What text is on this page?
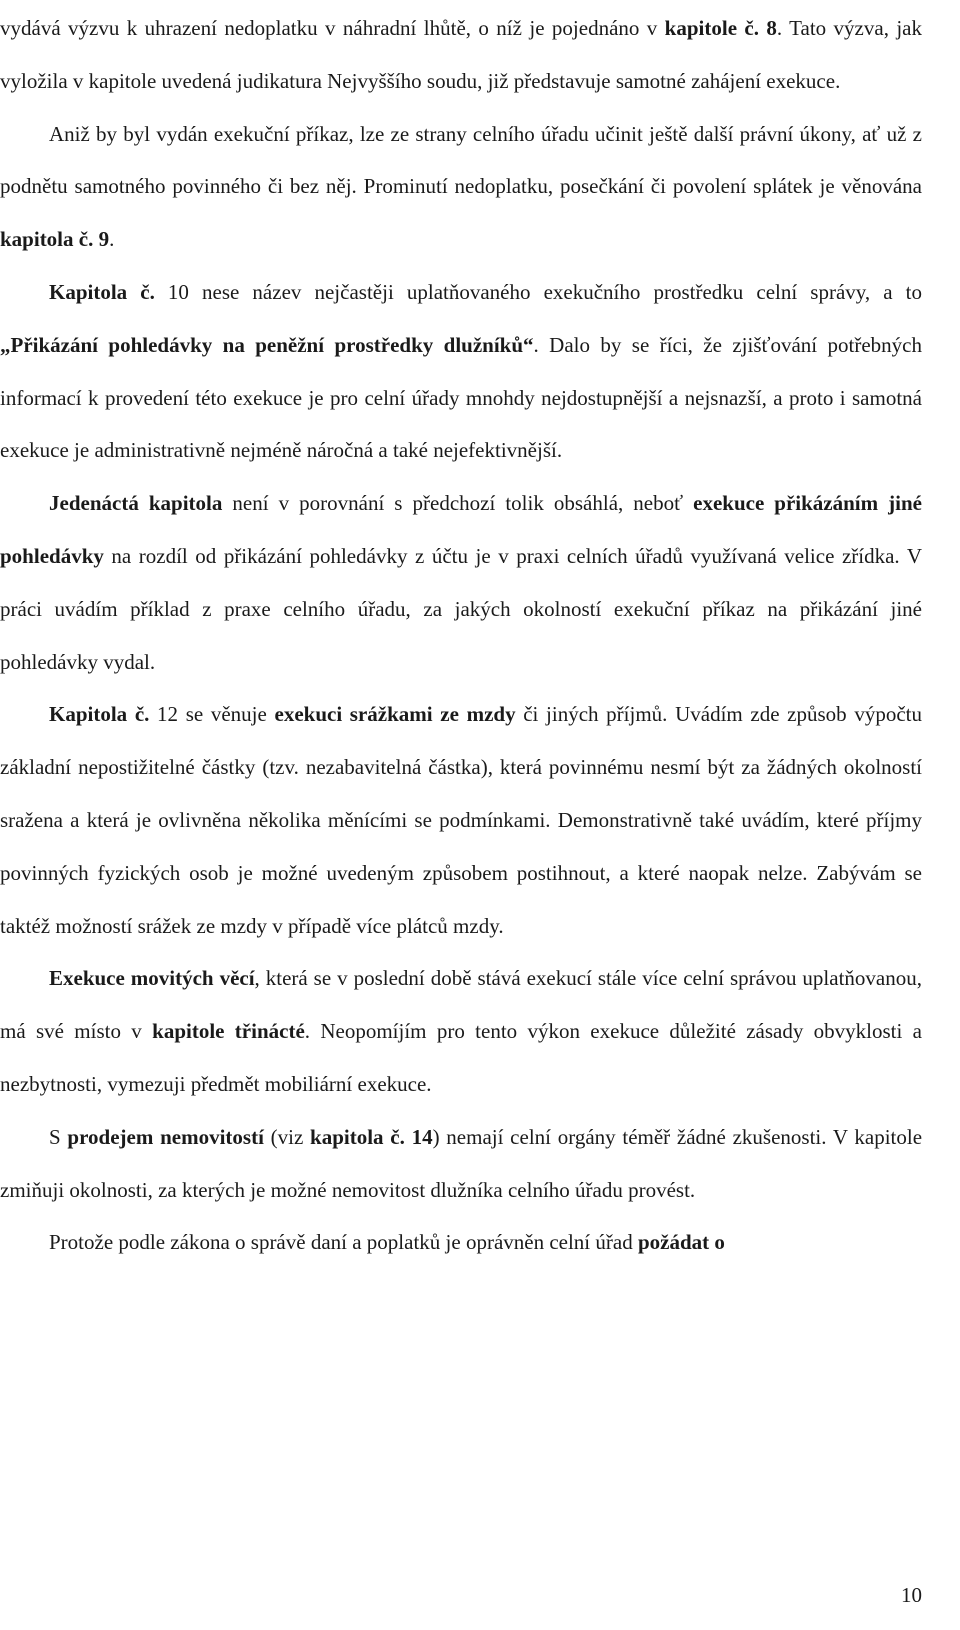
vydává výzvu k uhrazení nedoplatku v náhradní lhůtě, o níž je pojednáno v kapitole č. 8. Tato výzva, jak vyložila v kapitole uvedená judikatura Nejvyššího soudu, již představuje samotné zahájení exekuce.

Aniž by byl vydán exekuční příkaz, lze ze strany celního úřadu učinit ještě další právní úkony, ať už z podnětu samotného povinného či bez něj. Prominutí nedoplatku, posečkání či povolení splátek je věnována kapitola č. 9.

Kapitola č. 10 nese název nejčastěji uplatňovaného exekučního prostředku celní správy, a to „Přikázání pohledávky na peněžní prostředky dlužníků“. Dalo by se říci, že zjišťování potřebných informací k provedení této exekuce je pro celní úřady mnohdy nejdostupnější a nejsnazší, a proto i samotná exekuce je administrativně nejméně náročná a také nejefektivnější.

Jedenáctá kapitola není v porovnání s předchozí tolik obsáhlá, neboť exekuce přikázáním jiné pohledávky na rozdíl od přikázání pohledávky z účtu je v praxi celních úřadů využívaná velice zřídka. V práci uvádím příklad z praxe celního úřadu, za jakých okolností exekuční příkaz na přikázání jiné pohledávky vydal.

Kapitola č. 12 se věnuje exekuci srážkami ze mzdy či jiných příjmů. Uvádím zde způsob výpočtu základní nepostižitelné částky (tzv. nezabavitelná částka), která povinnému nesmí být za žádných okolností sražena a která je ovlivněna několika měnícími se podmínkami. Demonstrativně také uvádím, které příjmy povinných fyzických osob je možné uvedeným způsobem postihnout, a které naopak nelze. Zabývám se taktéž možností srážek ze mzdy v případě více plátců mzdy.

Exekuce movitých věcí, která se v poslední době stává exekucí stále více celní správou uplatňovanou, má své místo v kapitole třinácté. Neopomíjím pro tento výkon exekuce důležité zásady obvyklosti a nezbytnosti, vymezuji předmět mobiliární exekuce.

S prodejem nemovitostí (viz kapitola č. 14) nemají celní orgány téměř žádné zkušenosti. V kapitole zmiňuji okolnosti, za kterých je možné nemovitost dlužníka celního úřadu provést.

Protože podle zákona o správě daní a poplatků je oprávněn celní úřad požádat o

10
